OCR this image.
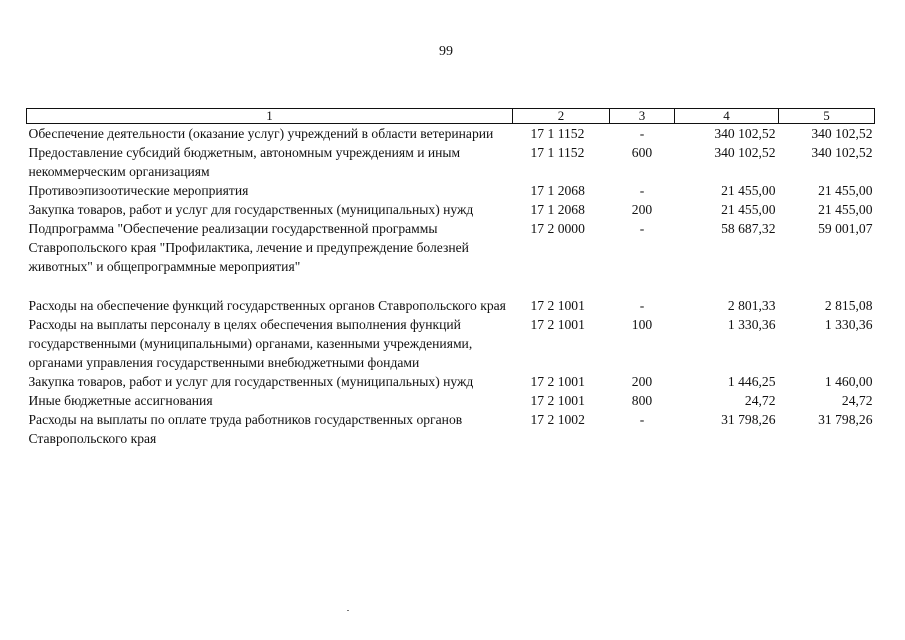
99
1	2	3	4	5
Обеспечение деятельности (оказание услуг) учреждений в области ветеринарии	17 1 1152	-	340 102,52	340 102,52
Предоставление субсидий бюджетным, автономным учреждениям и иным некоммерческим организациям	17 1 1152	600	340 102,52	340 102,52
Противоэпизоотические мероприятия	17 1 2068	-	21 455,00	21 455,00
Закупка товаров, работ и услуг для государственных (муниципальных) нужд	17 1 2068	200	21 455,00	21 455,00
Подпрограмма "Обеспечение реализации государственной программы Ставропольского края "Профилактика, лечение и предупреждение болезней животных" и общепрограммные мероприятия"	17 2 0000	-	58 687,32	59 001,07

Расходы на обеспечение функций государственных органов Ставропольского края	17 2 1001	-	2 801,33	2 815,08
Расходы на выплаты персоналу в целях обеспечения выполнения функций государственными (муниципальными) органами, казенными учреждениями, органами управления государственными внебюджетными фондами	17 2 1001	100	1 330,36	1 330,36
Закупка товаров, работ и услуг для государственных (муниципальных) нужд	17 2 1001	200	1 446,25	1 460,00
Иные бюджетные ассигнования	17 2 1001	800	24,72	24,72
Расходы на выплаты по оплате труда работников государственных органов Ставропольского края	17 2 1002	-	31 798,26	31 798,26
